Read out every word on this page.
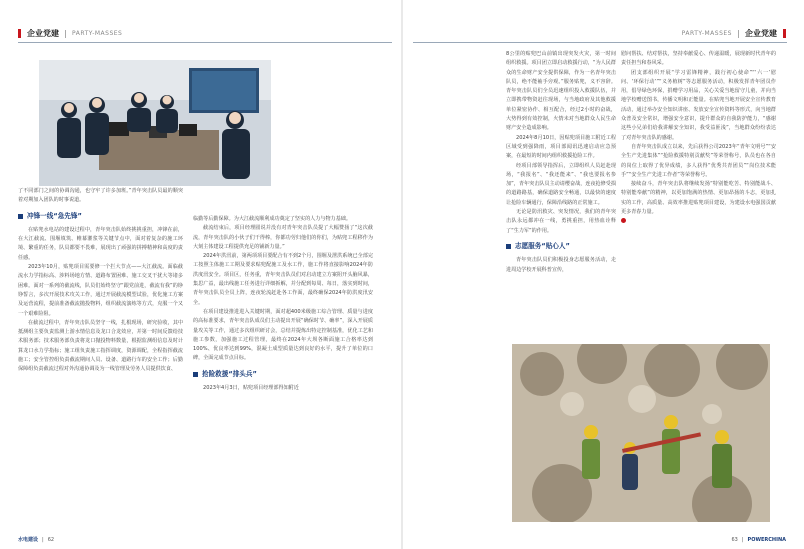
企业党建 PARTY-MASSES

了不同部门之间的协调沟通，也守牢了许多加班。”青年突击队员最的顺突着对期加入团队的时事说道。

冲锋一线“急先锋”

在贴兜水电站的建设过程中，青年突击队始终挑挑重担，冲锋在前，在大江截流、围堰填筑、帷幕灌浆等关键节点中，面对着复杂的施工环境、繁重的任务，队员都要不畏难，展现出了顽强的拼搏精神和高度的责任感。

2023年10月，贴兜项目需要修一个拦大节点——大江截流。面临截流水力学指标高、涉料场地方情、道路布置困难、施工交叉干扰大等诸多困难。面对一系列的截流线，队员们始终坚守“跟党前进，截流有我”的铮铮誓言，多次开展技术攻关工作，通过开展截流模型试验，优化施工方案及运营流程，提前准备截流抛投物料，组织截流演练等方式，克服一个又一个艰难险阻。

在截流过程中，青年突击队员坚守一线，扎根现场，研究验收，其中抵测组主要负责监测上游水情信息及龙口合龙效应，并第一时间反馈给技术服务部；技术服务部负责将龙口抛投物料数量，根据监测组信息及时计算龙口水力学指标；施工组负责施工指挥调度，资源调配，全程指挥截流施工；安全管控组负责截流期间人员、设备、道路行车的安全工作；后勤保障组负责截流过程对外沟通协调及为一线管理及劳务人员提供饮食、

临勤等后勤保障。为大江截流顺利成功奠定了坚实的人力与物力基础。

截流结束后，项目经理圆说并没有对青年突击队员提了大幅赞扬了“这次截流，青年突击队的小伙子们干得棒，你都功劳归他们的你们，为贴兜工程移作为大刻主体建设工程提供充足的铺新力量。”

2024年洪汛前，第两项项目要配合有不到2个月，围堰及泄洪系统已全部完工按照主体施工工期及要求贴兜配施工及水工作，施工作将直接影响2024年防洪度汛安全。项目区，任务重，青年突击队员们对启动建立方案阻开头脑风暴，集思广益，最出线施工任务进行详细拆解，并分配到每周、每日，落实到时间，青年突击队员全员上阵，连夜轮流赶赴各工作面，最终确保2024年防洪度汛安全。

在项目建设推进进入关键时期，面对超400米级施工综合管理、质量与进度的高标准要求，青年突击队成员们主动提出开展“确保时节、确率”，深入开展质量攻关等工作，通过多次组织研讨会，总结并提炼出特定控制基准，优化工艺和施工参数，加强施工过程管理，最终在2024年大坝各断面施工合格率达到100%、优良率达到99%，混凝土成型质量达到良好的水平，提升了单位的口碑，全面完成节点目标。

抢险救援“排头兵”

2023年4月3日，贴兜项目经理部得知附近

水电建设 | 62
PARTY-MASSES 企业党建

8公里的贴兜巴山前镇出现突发火灾，第一时间组织救援。项目团立即启动救援行动，“为人民群众的生命财产安全提供保障，作为一名青年突击队员，绝不能袖手旁观。”服务贴兜，义不容辞。青年突击队员们全员迅速组织投入救援队伍，并立即携带物资赶往现场，与当地政府及其他救援单位紧密协作、相互配合，经过2小时的奋战，大势得到有效控制，火情未对当地群众人民生命财产安全造成影响。

2024年8月10日，因贴兜项目施工附近工程区域受到强降雨，项目部闻讯迅速启动应急预案，在最短的时间内组织救援抢险工作。

经项目部领导指挥后，立即组织人员赶赴现场，“我报名”、“我还能来”、“我也要报名参加”，青年突击队员主动请缨奋战，连夜抢修受损的道路路基，确保道路安全畅通，以最快的速度让抢险车辆通行，保障沿线路的正常施工。

无论是防汛救灾、突发情况，我们的青年突击队永远都冲在一线，勇挑重担，用热血诠释了“生力军”的作用。

志愿服务“贴心人”

青年突击队员们积极投身志愿服务活动，走进周边学校开展科普宣传，

慰问帮扶、结对帮扶，坚持奉献爱心、传递温暖，展现新时代青年的责任担当和春风采。

团支部组织开展“学习雷锋精神，践行初心使命”“‘六一’慰问、‘环保行动’”“义务植树”等志愿服务活动，积极发挥青年团员作用，倡导绿色环保，捐赠学习用品，关心关爱当地留守儿童，并向当地学校赠送图书，传播文明和正能量。在贴兜当地开展安全宣传教育活动，通过举办安全知识讲座、发放安全宣传资料等形式，向当地群众普及安全常识，增强安全意识，提升群众的自我防护能力，“感谢这些小兄弟们给我讲解安全知识，我受益匪浅”，当地群众纷纷表达了对青年突击队的感谢。

自青年突击队成立以来，先后获得公司2023年“青年文明号”“安全生产先进集体”“抢险救援特别贡献奖”等荣誉称号，队员也在各自的岗位上取得了优异成绩，多人获得“优秀共青团员”“岗位技术能手”“安全生产先进工作者”等荣誉称号。

接续奋斗，青年突击队将继续发扬“特别能吃苦、特别能战斗、特别能奉献”的精神，以更加饱满的热情、更加昂扬的斗志，更加扎实的工作，高质量、高效率推进贴兜项目建设，为建设水电强国贡献更多青春力量。

63 | POWERCHINA
